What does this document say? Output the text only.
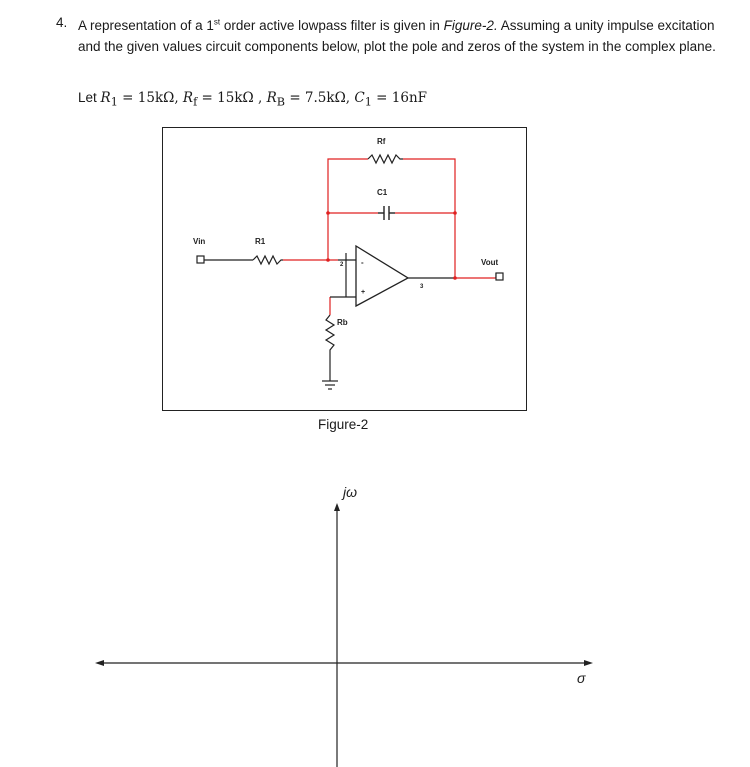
4. A representation of a 1st order active lowpass filter is given in Figure-2. Assuming a unity impulse excitation and the given values circuit components below, plot the pole and zeros of the system in the complex plane.
Let $R_1 = 15k\Omega$, $R_f = 15k\Omega$ , $R_B = 7.5k\Omega$, $C_1 = 16nF$
Rf
C1
Vin	R1
Vout
Rb
2
3
-
+
Figure-2
jω
σ
